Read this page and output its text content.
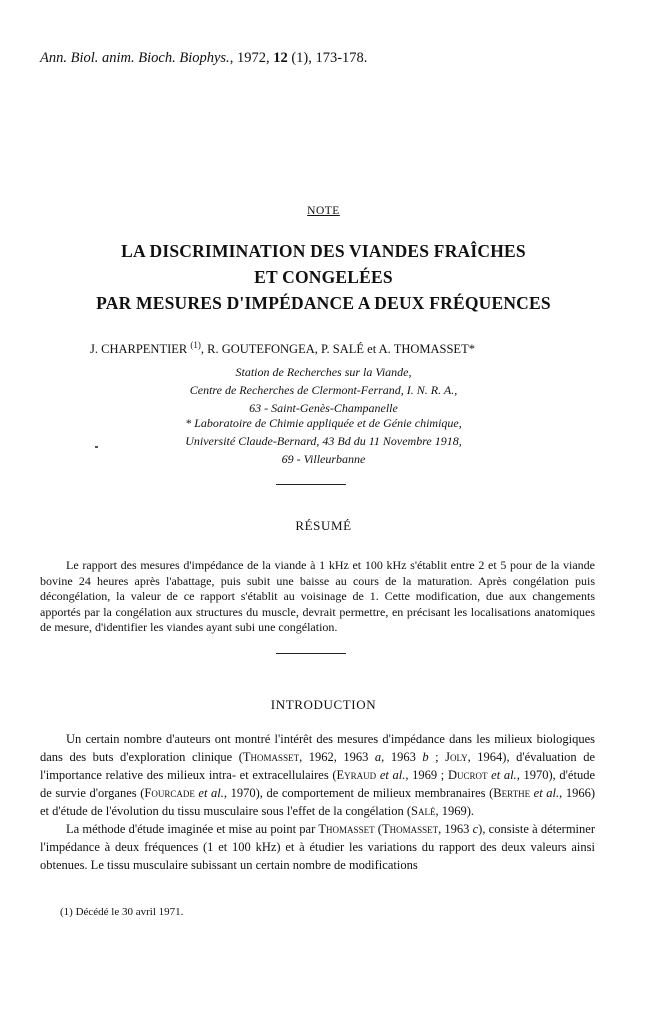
Ann. Biol. anim. Bioch. Biophys., 1972, 12 (1), 173-178.
NOTE
LA DISCRIMINATION DES VIANDES FRAÎCHES
ET CONGELÉES
PAR MESURES D'IMPÉDANCE A DEUX FRÉQUENCES
J. CHARPENTIER $^{(1)}$, R. GOUTEFONGEA, P. SALÉ et A. THOMASSET*
Station de Recherches sur la Viande,
Centre de Recherches de Clermont-Ferrand, I. N. R. A.,
63 - Saint-Genès-Champanelle
* Laboratoire de Chimie appliquée et de Génie chimique,
Université Claude-Bernard, 43 Bd du 11 Novembre 1918,
69 - Villeurbanne
RÉSUMÉ

Le rapport des mesures d'impédance de la viande à 1 kHz et 100 kHz s'établit entre 2 et 5 pour de la viande bovine 24 heures après l'abattage, puis subit une baisse au cours de la maturation. Après congélation puis décongélation, la valeur de ce rapport s'établit au voisinage de 1. Cette modification, due aux changements apportés par la congélation aux structures du muscle, devrait permettre, en précisant les localisations anatomiques de mesure, d'identifier les viandes ayant subi une congélation.

INTRODUCTION

Un certain nombre d'auteurs ont montré l'intérêt des mesures d'impédance dans les milieux biologiques dans des buts d'exploration clinique (Thomasset, 1962, 1963 a, 1963 b ; Joly, 1964), d'évaluation de l'importance relative des milieux intra- et extracellulaires (Eyraud et al., 1969 ; Ducrot et al., 1970), d'étude de survie d'organes (Fourcade et al., 1970), de comportement de milieux membranaires (Berthe et al., 1966) et d'étude de l'évolution du tissu musculaire sous l'effet de la congélation (Salé, 1969).

La méthode d'étude imaginée et mise au point par Thomasset (Thomasset, 1963 c), consiste à déterminer l'impédance à deux fréquences (1 et 100 kHz) et à étudier les variations du rapport des deux valeurs ainsi obtenues. Le tissu musculaire subissant un certain nombre de modifications

(1) Décédé le 30 avril 1971.
